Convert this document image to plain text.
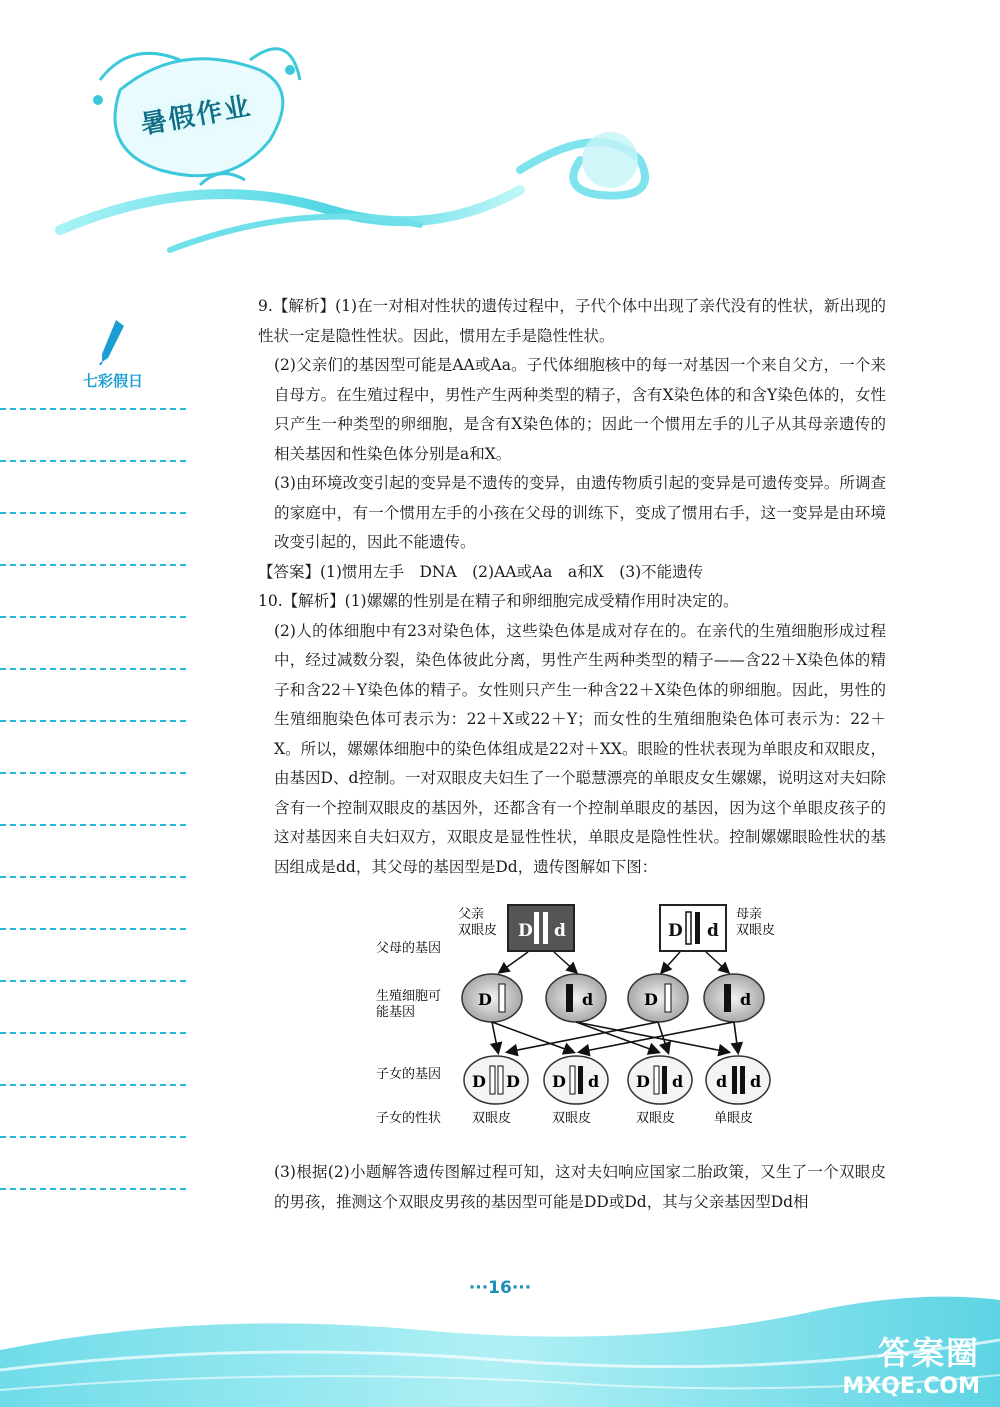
暑假作业
七彩假日

9.【解析】(1)在一对相对性状的遗传过程中，子代个体中出现了亲代没有的性状，新出现的性状一定是隐性性状。因此，惯用左手是隐性性状。

(2)父亲们的基因型可能是AA或Aa。子代体细胞核中的每一对基因一个来自父方，一个来自母方。在生殖过程中，男性产生两种类型的精子，含有X染色体的和含Y染色体的，女性只产生一种类型的卵细胞，是含有X染色体的；因此一个惯用左手的儿子从其母亲遗传的相关基因和性染色体分别是a和X。

(3)由环境改变引起的变异是不遗传的变异，由遗传物质引起的变异是可遗传变异。所调查的家庭中，有一个惯用左手的小孩在父母的训练下，变成了惯用右手，这一变异是由环境改变引起的，因此不能遗传。

【答案】(1)惯用左手　DNA　(2)AA或Aa　a和X　(3)不能遗传

10.【解析】(1)嫘嫘的性别是在精子和卵细胞完成受精作用时决定的。

(2)人的体细胞中有23对染色体，这些染色体是成对存在的。在亲代的生殖细胞形成过程中，经过减数分裂，染色体彼此分离，男性产生两种类型的精子——含22＋X染色体的精子和含22＋Y染色体的精子。女性则只产生一种含22＋X染色体的卵细胞。因此，男性的生殖细胞染色体可表示为：22＋X或22＋Y；而女性的生殖细胞染色体可表示为：22＋X。所以，嫘嫘体细胞中的染色体组成是22对＋XX。眼睑的性状表现为单眼皮和双眼皮，由基因D、d控制。一对双眼皮夫妇生了一个聪慧漂亮的单眼皮女生嫘嫘，说明这对夫妇除含有一个控制双眼皮的基因外，还都含有一个控制单眼皮的基因，因为这个单眼皮孩子的这对基因来自夫妇双方，双眼皮是显性性状，单眼皮是隐性性状。控制嫘嫘眼睑性状的基因组成是dd，其父母的基因型是Dd，遗传图解如下图：

父亲
双眼皮
母亲
双眼皮
父母的基因
生殖细胞可
能基因
子女的基因
子女的性状
D d	D d
D	d	D	d
D D D d D d d d
双眼皮	双眼皮	双眼皮	单眼皮

(3)根据(2)小题解答遗传图解过程可知，这对夫妇响应国家二胎政策，又生了一个双眼皮的男孩，推测这个双眼皮男孩的基因型可能是DD或Dd，其与父亲基因型Dd相

···16···
答案圈
MXQE.COM
